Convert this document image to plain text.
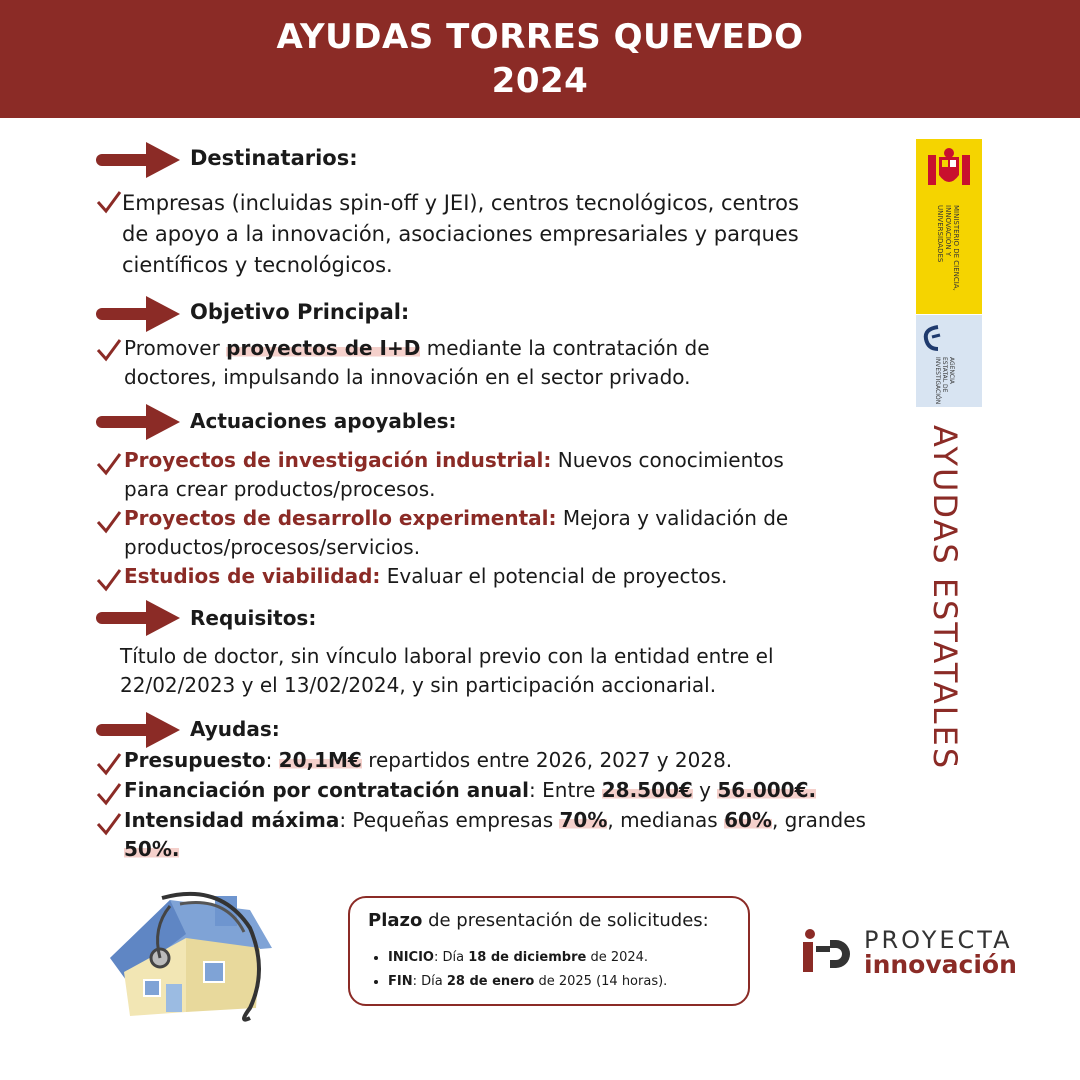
AYUDAS TORRES QUEVEDO
2024
Destinatarios:
Empresas (incluidas spin-off y JEI), centros tecnológicos, centros de apoyo a la innovación, asociaciones empresariales y parques científicos y tecnológicos.
Objetivo Principal:
Promover proyectos de I+D mediante la contratación de doctores, impulsando la innovación en el sector privado.
Actuaciones apoyables:
Proyectos de investigación industrial: Nuevos conocimientos para crear productos/procesos.
Proyectos de desarrollo experimental: Mejora y validación de productos/procesos/servicios.
Estudios de viabilidad: Evaluar el potencial de proyectos.
Requisitos:
Título de doctor, sin vínculo laboral previo con la entidad entre el 22/02/2023 y el 13/02/2024, y sin participación accionarial.
Ayudas:
Presupuesto: 20,1M€ repartidos entre 2026, 2027 y 2028.
Financiación por contratación anual: Entre 28.500€ y 56.000€.
Intensidad máxima: Pequeñas empresas 70%, medianas 60%, grandes 50%.
MINISTERIO DE CIENCIA, INNOVACIÓN Y UNIVERSIDADES
AGENCIA ESTATAL DE INVESTIGACIÓN
AYUDAS ESTATALES
Plazo de presentación de solicitudes:
• INICIO: Día 18 de diciembre de 2024.
• FIN: Día 28 de enero de 2025 (14 horas).
PROYECTA
innovación
